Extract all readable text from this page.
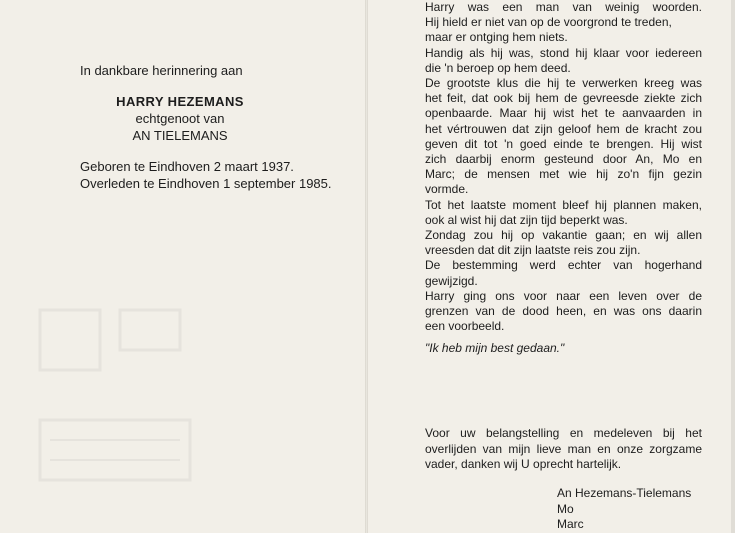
In dankbare herinnering aan
HARRY HEZEMANS
echtgenoot van
AN TIELEMANS
Geboren te Eindhoven 2 maart 1937.
Overleden te Eindhoven 1 september 1985.
Harry was een man van weinig woorden.
Hij hield er niet van op de voorgrond te treden,
maar er ontging hem niets.
Handig als hij was, stond hij klaar voor iedereen
die 'n beroep op hem deed.
De grootste klus die hij te verwerken kreeg was
het feit, dat ook bij hem de gevreesde ziekte zich
openbaarde. Maar hij wist het te aanvaarden in
het vértrouwen dat zijn geloof hem de kracht zou
geven dit tot 'n goed einde te brengen. Hij wist
zich daarbij enorm gesteund door An, Mo en
Marc; de mensen met wie hij zo'n fijn gezin
vormde.
Tot het laatste moment bleef hij plannen maken,
ook al wist hij dat zijn tijd beperkt was.
Zondag zou hij op vakantie gaan; en wij allen
vreesden dat dit zijn laatste reis zou zijn.
De bestemming werd echter van hogerhand
gewijzigd.
Harry ging ons voor naar een leven over de
grenzen van de dood heen, en was ons daarin
een voorbeeld.
"Ik heb mijn best gedaan."
Voor uw belangstelling en medeleven bij het
overlijden van mijn lieve man en onze zorgzame
vader, danken wij U oprecht hartelijk.
An Hezemans-Tielemans
Mo
Marc
